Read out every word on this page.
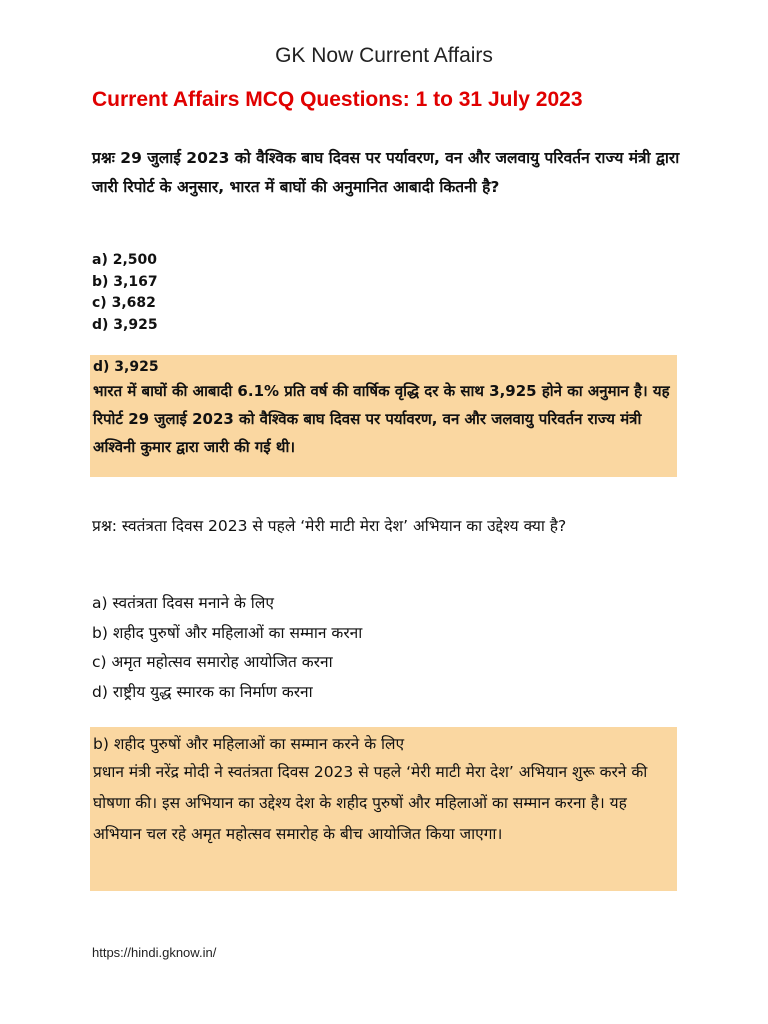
GK Now Current Affairs
Current Affairs MCQ Questions: 1 to 31 July 2023
प्रश्नः 29 जुलाई 2023 को वैश्विक बाघ दिवस पर पर्यावरण, वन और जलवायु परिवर्तन राज्य मंत्री द्वारा जारी रिपोर्ट के अनुसार, भारत में बाघों की अनुमानित आबादी कितनी है?
a) 2,500
b) 3,167
c) 3,682
d) 3,925
d) 3,925
भारत में बाघों की आबादी 6.1% प्रति वर्ष की वार्षिक वृद्धि दर के साथ 3,925 होने का अनुमान है। यह रिपोर्ट 29 जुलाई 2023 को वैश्विक बाघ दिवस पर पर्यावरण, वन और जलवायु परिवर्तन राज्य मंत्री अश्विनी कुमार द्वारा जारी की गई थी।
प्रश्न: स्वतंत्रता दिवस 2023 से पहले ‘मेरी माटी मेरा देश’ अभियान का उद्देश्य क्या है?
a) स्वतंत्रता दिवस मनाने के लिए
b) शहीद पुरुषों और महिलाओं का सम्मान करना
c) अमृत महोत्सव समारोह आयोजित करना
d) राष्ट्रीय युद्ध स्मारक का निर्माण करना
b) शहीद पुरुषों और महिलाओं का सम्मान करने के लिए
प्रधान मंत्री नरेंद्र मोदी ने स्वतंत्रता दिवस 2023 से पहले ‘मेरी माटी मेरा देश’ अभियान शुरू करने की घोषणा की। इस अभियान का उद्देश्य देश के शहीद पुरुषों और महिलाओं का सम्मान करना है। यह अभियान चल रहे अमृत महोत्सव समारोह के बीच आयोजित किया जाएगा।
https://hindi.gknow.in/
